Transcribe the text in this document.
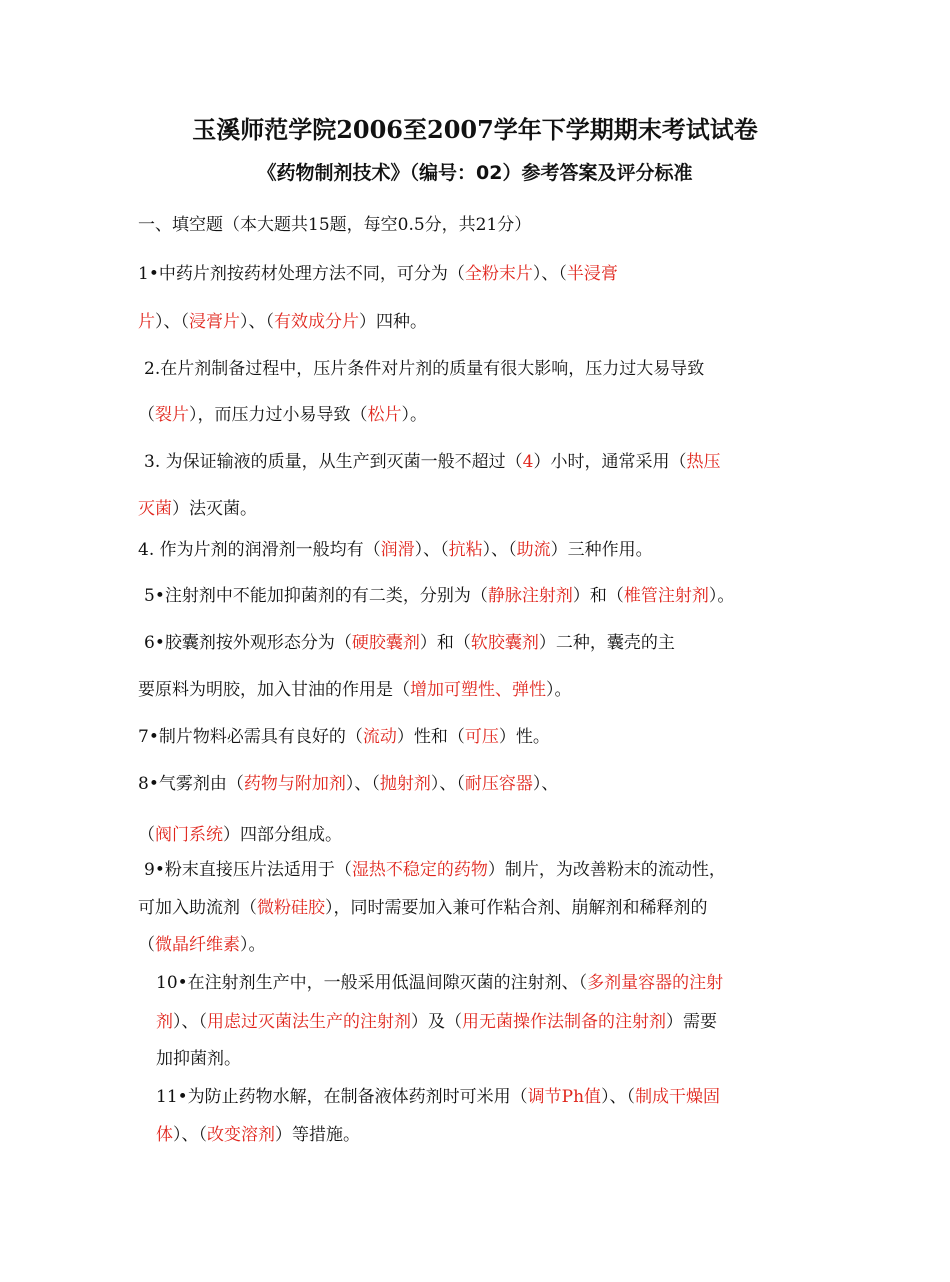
玉溪师范学院2006至2007学年下学期期末考试试卷
《药物制剂技术》（编号：02）参考答案及评分标准
一、填空题（本大题共15题，每空0.5分，共21分）
1•中药片剂按药材处理方法不同，可分为（全粉末片）、（半浸膏
片）、（浸膏片）、（有效成分片）四种。
2.在片剂制备过程中，压片条件对片剂的质量有很大影响，压力过大易导致
（裂片），而压力过小易导致（松片）。
3. 为保证输液的质量，从生产到灭菌一般不超过（4）小时，通常采用（热压
灭菌）法灭菌。
4. 作为片剂的润滑剂一般均有（润滑）、（抗粘）、（助流）三种作用。
5•注射剂中不能加抑菌剂的有二类，分别为（静脉注射剂）和（椎管注射剂）。
6•胶囊剂按外观形态分为（硬胶囊剂）和（软胶囊剂）二种，囊壳的主
要原料为明胶，加入甘油的作用是（增加可塑性、弹性）。
7•制片物料必需具有良好的（流动）性和（可压）性。
8•气雾剂由（药物与附加剂）、（抛射剂）、（耐压容器）、
（阀门系统）四部分组成。
9•粉末直接压片法适用于（湿热不稳定的药物）制片，为改善粉末的流动性，
可加入助流剂（微粉硅胶），同时需要加入兼可作粘合剂、崩解剂和稀释剂的
（微晶纤维素）。
10•在注射剂生产中，一般采用低温间隙灭菌的注射剂、（多剂量容器的注射
剂）、（用虑过灭菌法生产的注射剂）及（用无菌操作法制备的注射剂）需要
加抑菌剂。
11•为防止药物水解，在制备液体药剂时可米用（调节Ph值）、（制成干燥固
体）、（改变溶剂）等措施。
